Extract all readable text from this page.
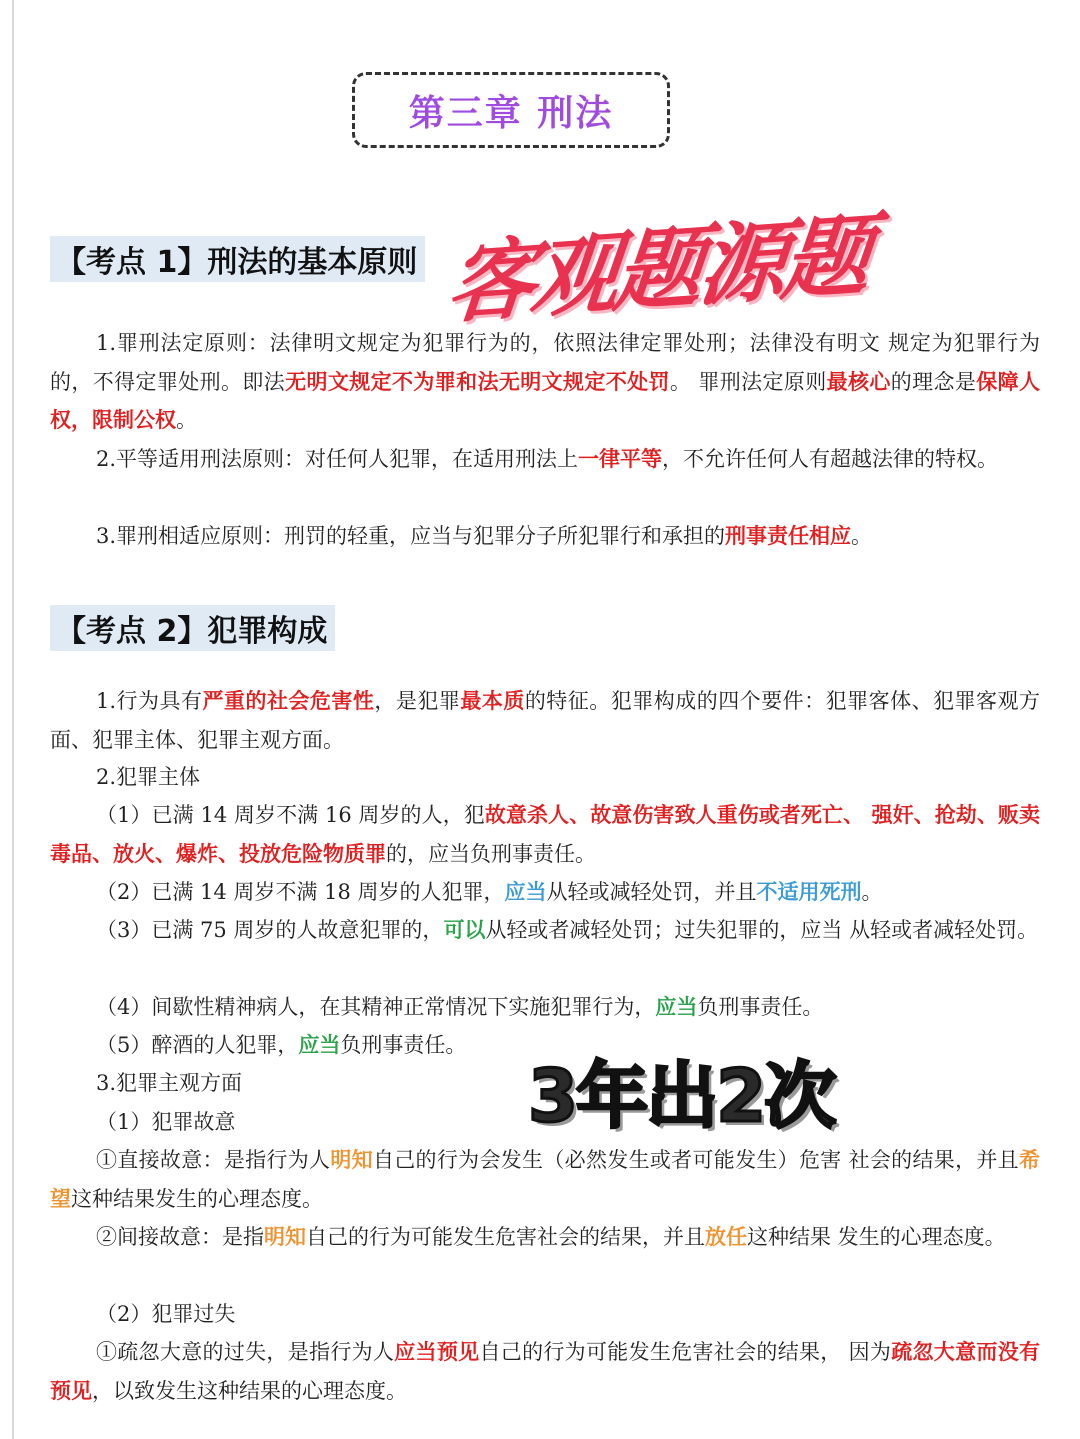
第三章 刑法
【考点 1】刑法的基本原则 客观题源题
1.罪刑法定原则：法律明文规定为犯罪行为的，依照法律定罪处刑；法律没有明文 规定为犯罪行为的，不得定罪处刑。即法无明文规定不为罪和法无明文规定不处罚。 罪刑法定原则最核心的理念是保障人权，限制公权。
2.平等适用刑法原则：对任何人犯罪，在适用刑法上一律平等，不允许任何人有超越法律的特权。
3.罪刑相适应原则：刑罚的轻重，应当与犯罪分子所犯罪行和承担的刑事责任相应。
【考点 2】犯罪构成
1.行为具有严重的社会危害性，是犯罪最本质的特征。犯罪构成的四个要件：犯罪客体、犯罪客观方面、犯罪主体、犯罪主观方面。
2.犯罪主体
（1）已满 14 周岁不满 16 周岁的人，犯故意杀人、故意伤害致人重伤或者死亡、 强奸、抢劫、贩卖毒品、放火、爆炸、投放危险物质罪的，应当负刑事责任。
（2）已满 14 周岁不满 18 周岁的人犯罪，应当从轻或减轻处罚，并且不适用死刑。
（3）已满 75 周岁的人故意犯罪的，可以从轻或者减轻处罚；过失犯罪的，应当 从轻或者减轻处罚。
（4）间歇性精神病人，在其精神正常情况下实施犯罪行为，应当负刑事责任。
（5）醉酒的人犯罪，应当负刑事责任。
3年出2次
3.犯罪主观方面
（1）犯罪故意
①直接故意：是指行为人明知自己的行为会发生（必然发生或者可能发生）危害 社会的结果，并且希望这种结果发生的心理态度。
②间接故意：是指明知自己的行为可能发生危害社会的结果，并且放任这种结果 发生的心理态度。
（2）犯罪过失
①疏忽大意的过失，是指行为人应当预见自己的行为可能发生危害社会的结果， 因为疏忽大意而没有预见，以致发生这种结果的心理态度。
